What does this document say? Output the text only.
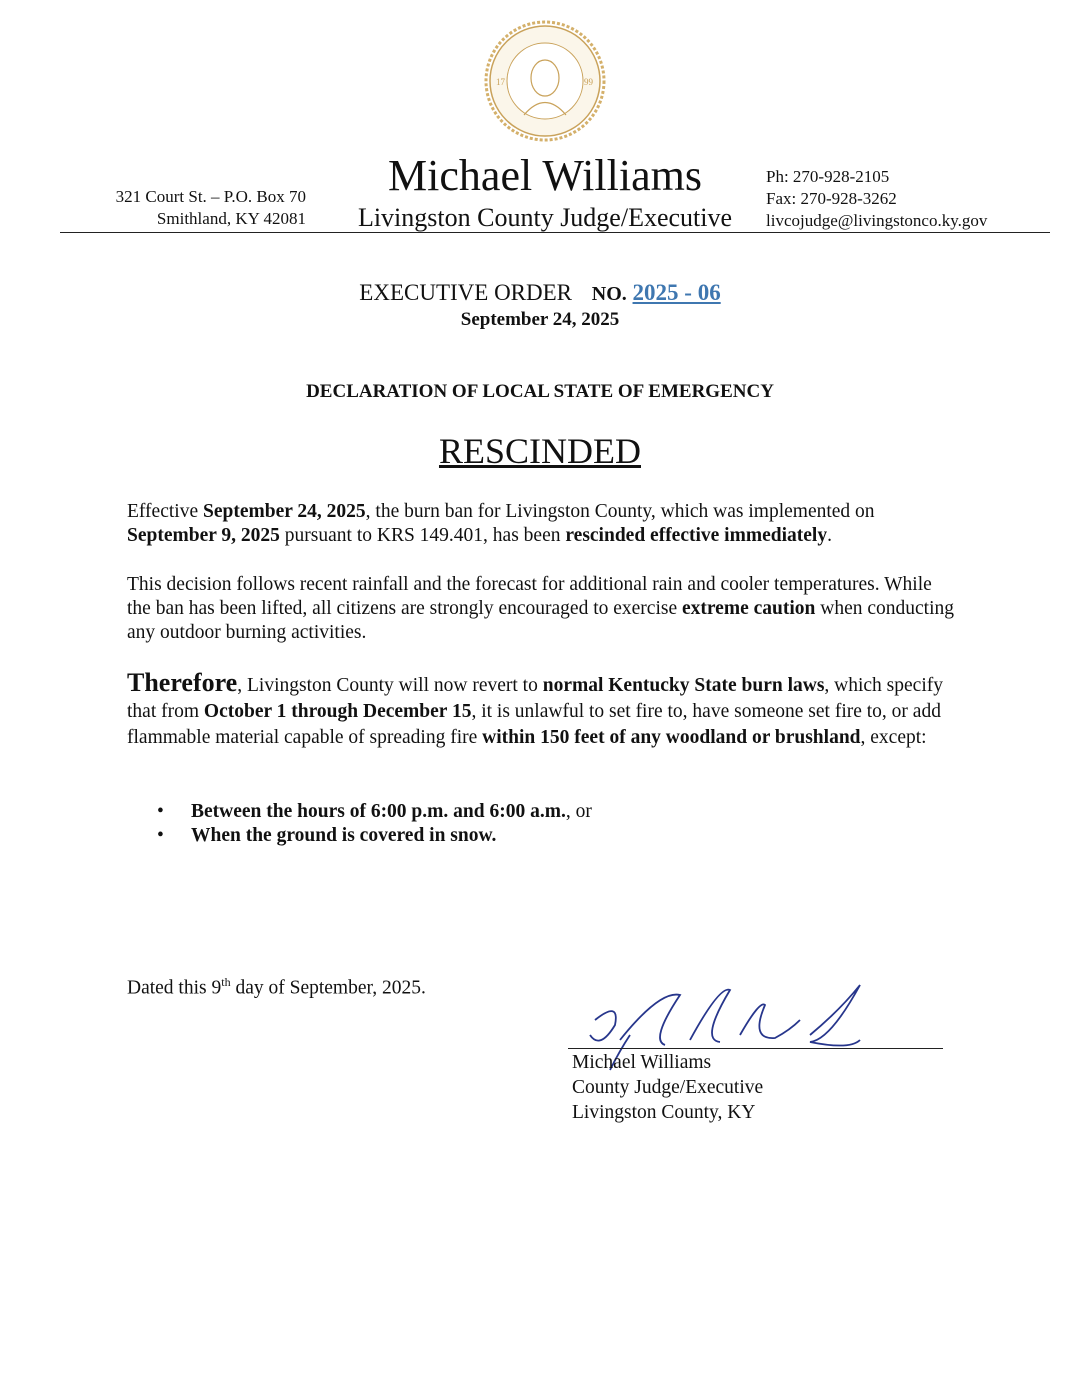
17	99
321 Court St. – P.O. Box 70
Smithland, KY 42081
Michael Williams
Livingston County Judge/Executive
Ph: 270-928-2105
Fax: 270-928-3262
livcojudge@livingstonco.ky.gov
EXECUTIVE ORDER NO. 2025 - 06
September 24, 2025
DECLARATION OF LOCAL STATE OF EMERGENCY
RESCINDED
Effective September 24, 2025, the burn ban for Livingston County, which was implemented on September 9, 2025 pursuant to KRS 149.401, has been rescinded effective immediately.
This decision follows recent rainfall and the forecast for additional rain and cooler temperatures. While the ban has been lifted, all citizens are strongly encouraged to exercise extreme caution when conducting any outdoor burning activities.
Therefore, Livingston County will now revert to normal Kentucky State burn laws, which specify that from October 1 through December 15, it is unlawful to set fire to, have someone set fire to, or add flammable material capable of spreading fire within 150 feet of any woodland or brushland, except:
• Between the hours of 6:00 p.m. and 6:00 a.m., or
• When the ground is covered in snow.
Dated this 9th day of September, 2025.
Michael Williams
County Judge/Executive
Livingston County, KY
